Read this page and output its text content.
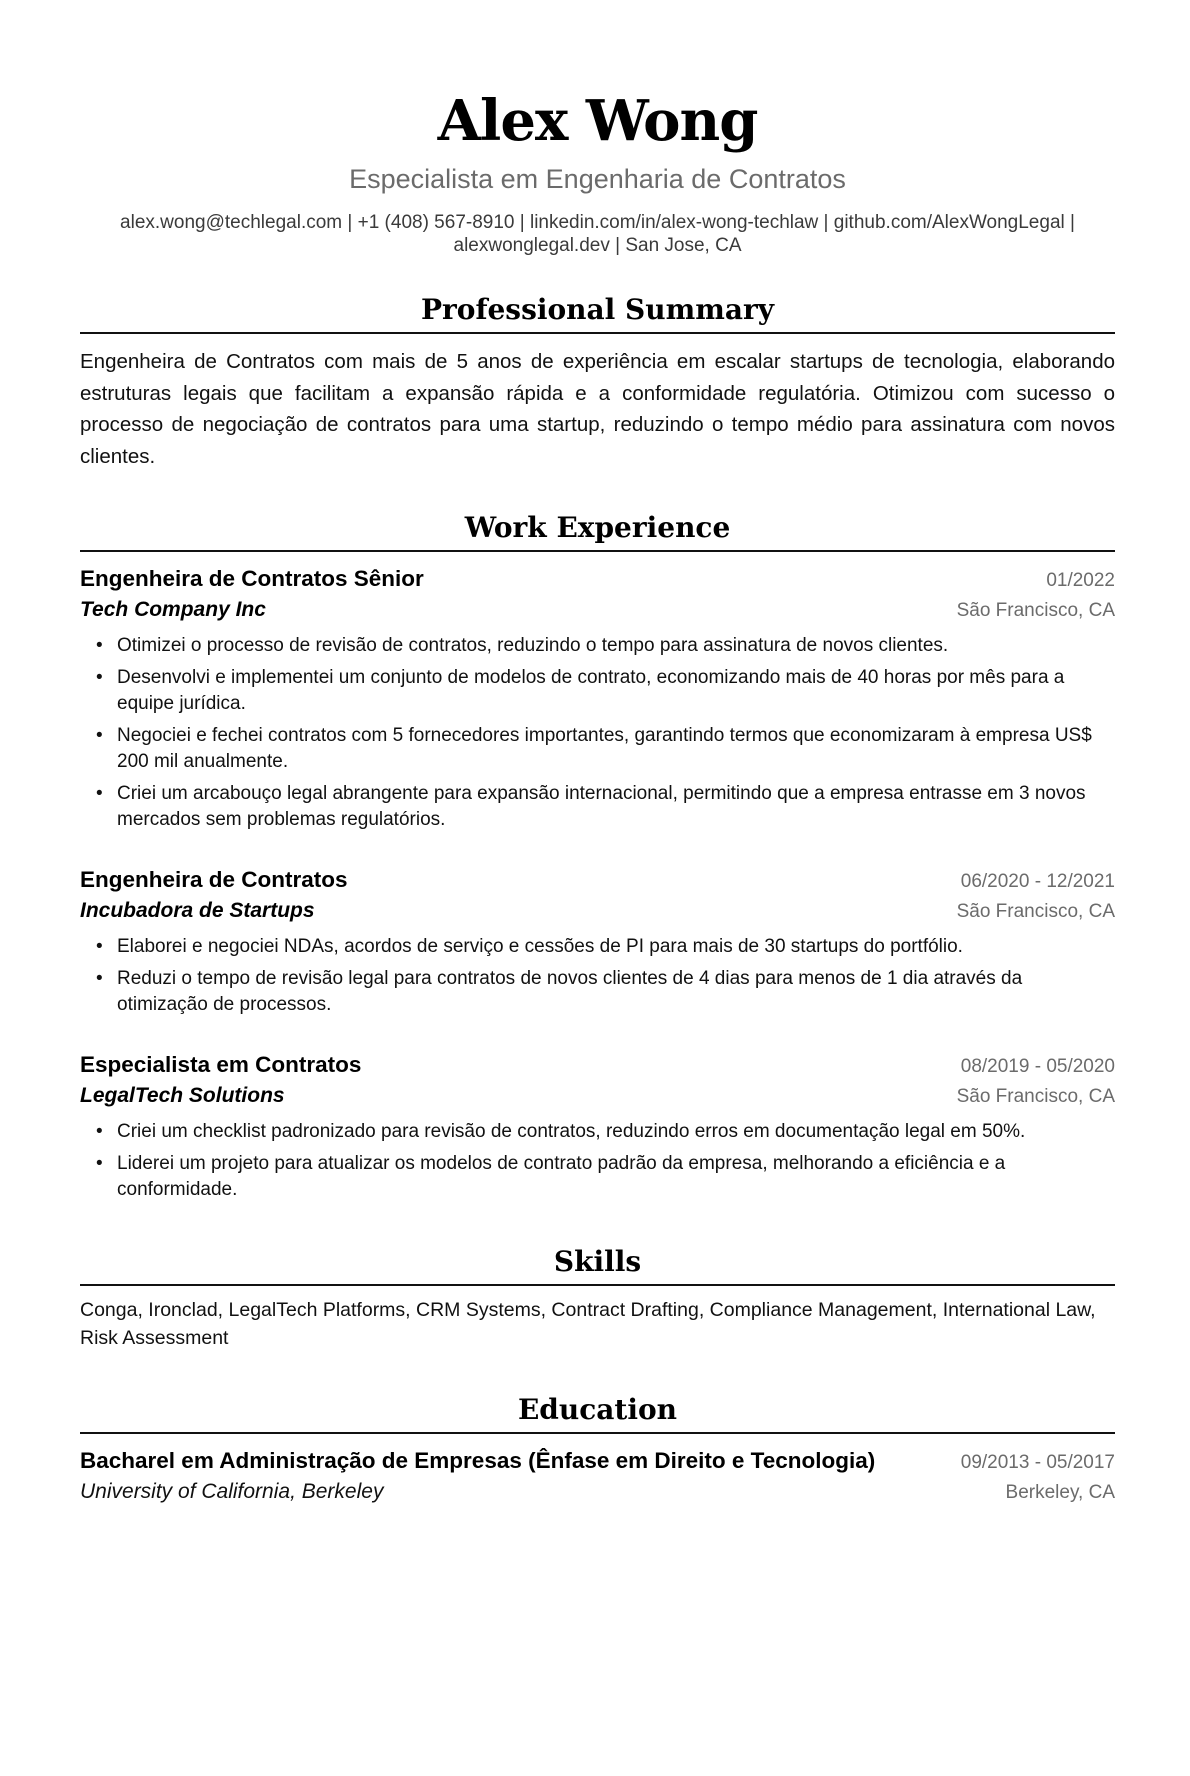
Alex Wong
Especialista em Engenharia de Contratos
alex.wong@techlegal.com | +1 (408) 567-8910 | linkedin.com/in/alex-wong-techlaw | github.com/AlexWongLegal |
alexwonglegal.dev | San Jose, CA
Professional Summary
Engenheira de Contratos com mais de 5 anos de experiência em escalar startups de tecnologia, elaborando estruturas legais que facilitam a expansão rápida e a conformidade regulatória. Otimizou com sucesso o processo de negociação de contratos para uma startup, reduzindo o tempo médio para assinatura com novos clientes.
Work Experience
Engenheira de Contratos Sênior	01/2022
Tech Company Inc	São Francisco, CA
• Otimizei o processo de revisão de contratos, reduzindo o tempo para assinatura de novos clientes.
• Desenvolvi e implementei um conjunto de modelos de contrato, economizando mais de 40 horas por mês para a equipe jurídica.
• Negociei e fechei contratos com 5 fornecedores importantes, garantindo termos que economizaram à empresa US$ 200 mil anualmente.
• Criei um arcabouço legal abrangente para expansão internacional, permitindo que a empresa entrasse em 3 novos mercados sem problemas regulatórios.
Engenheira de Contratos	06/2020 - 12/2021
Incubadora de Startups	São Francisco, CA
• Elaborei e negociei NDAs, acordos de serviço e cessões de PI para mais de 30 startups do portfólio.
• Reduzi o tempo de revisão legal para contratos de novos clientes de 4 dias para menos de 1 dia através da otimização de processos.
Especialista em Contratos	08/2019 - 05/2020
LegalTech Solutions	São Francisco, CA
• Criei um checklist padronizado para revisão de contratos, reduzindo erros em documentação legal em 50%.
• Liderei um projeto para atualizar os modelos de contrato padrão da empresa, melhorando a eficiência e a conformidade.
Skills
Conga, Ironclad, LegalTech Platforms, CRM Systems, Contract Drafting, Compliance Management, International Law, Risk Assessment
Education
Bacharel em Administração de Empresas (Ênfase em Direito e Tecnologia)	09/2013 - 05/2017
University of California, Berkeley	Berkeley, CA
